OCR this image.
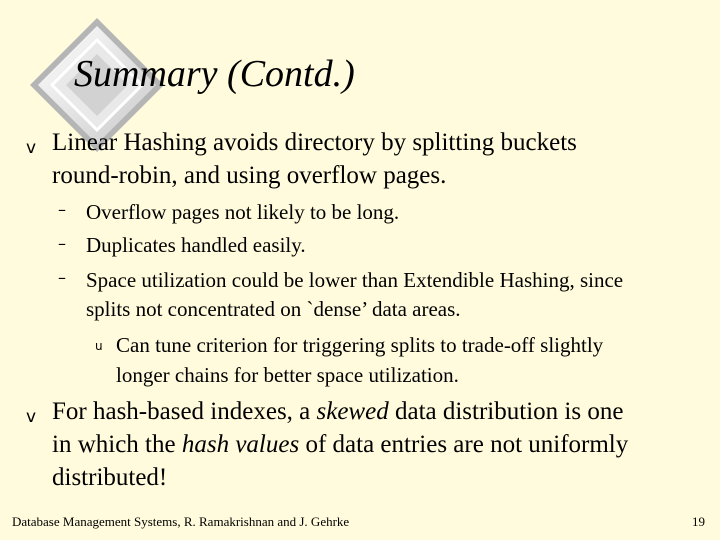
Summary (Contd.)
v Linear Hashing avoids directory by splitting buckets
round-robin, and using overflow pages.
– Overflow pages not likely to be long.
– Duplicates handled easily.
– Space utilization could be lower than Extendible Hashing, since
splits not concentrated on `dense’ data areas.
u Can tune criterion for triggering splits to trade-off slightly
longer chains for better space utilization.
v For hash-based indexes, a skewed data distribution is one
in which the hash values of data entries are not uniformly
distributed!
Database Management Systems, R. Ramakrishnan and J. Gehrke	19
